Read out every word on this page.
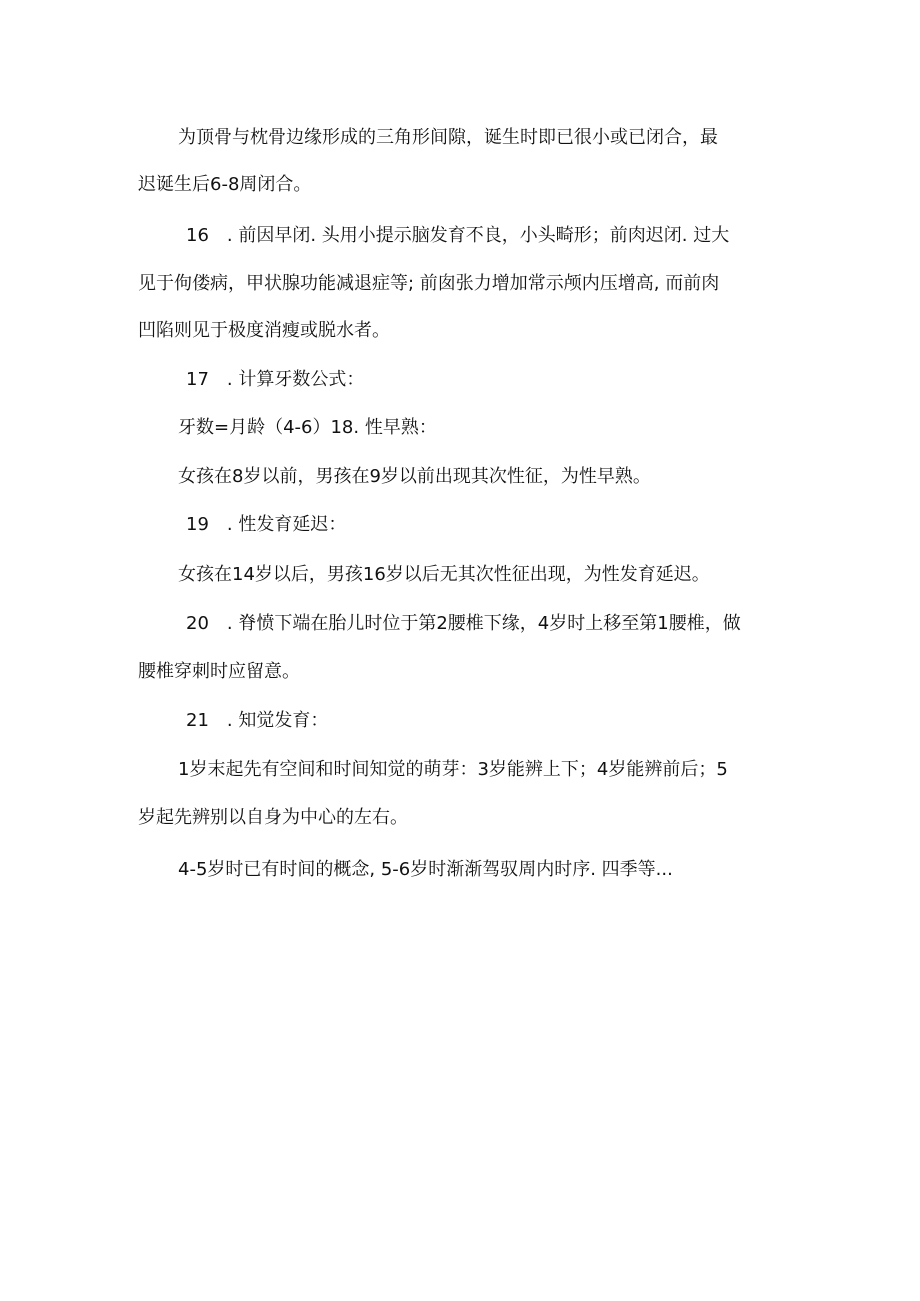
为顶骨与枕骨边缘形成的三角形间隙，诞生时即已很小或已闭合，最
迟诞生后6-8周闭合。
16　. 前因早闭. 头用小提示脑发育不良，小头畸形；前肉迟闭. 过大
见于佝偻病，甲状腺功能减退症等; 前囱张力增加常示颅内压增高, 而前肉
凹陷则见于极度消瘦或脱水者。
17　. 计算牙数公式：
牙数=月龄（4-6）18. 性早熟：
女孩在8岁以前，男孩在9岁以前出现其次性征，为性早熟。
19　. 性发育延迟：
女孩在14岁以后，男孩16岁以后无其次性征出现，为性发育延迟。
20　. 脊愤下端在胎儿时位于第2腰椎下缘，4岁时上移至第1腰椎，做
腰椎穿刺时应留意。
21　. 知觉发育：
1岁末起先有空间和时间知觉的萌芽：3岁能辨上下；4岁能辨前后；5
岁起先辨别以自身为中心的左右。
4-5岁时已有时间的概念, 5-6岁时渐渐驾驭周内时序. 四季等...
